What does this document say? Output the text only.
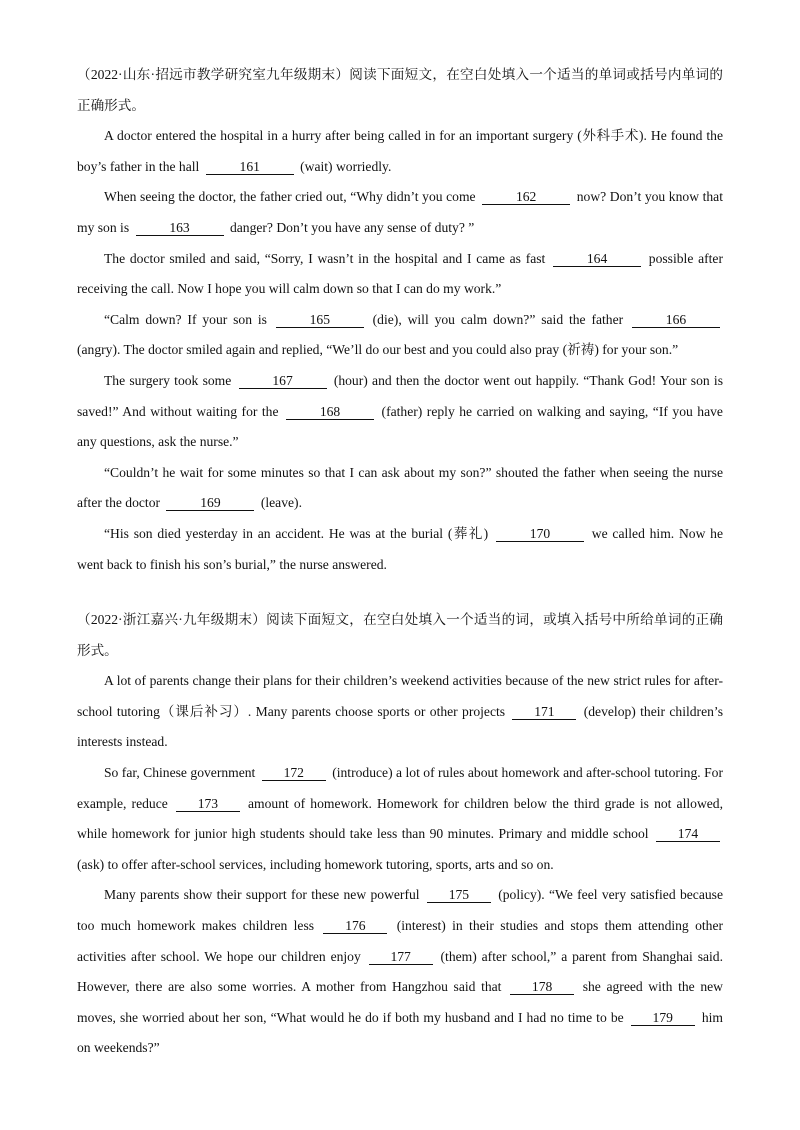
（2022·山东·招远市教学研究室九年级期末）阅读下面短文，在空白处填入一个适当的单词或括号内单词的正确形式。

A doctor entered the hospital in a hurry after being called in for an important surgery (外科手术). He found the boy’s father in the hall	161	(wait) worriedly.

When seeing the doctor, the father cried out, “Why didn’t you come	162	now? Don’t you know that my son is	163	danger? Don’t you have any sense of duty? ”

The doctor smiled and said, “Sorry, I wasn’t in the hospital and I came as fast	164	possible after receiving the call. Now I hope you will calm down so that I can do my work.”

“Calm down? If your son is	165	(die), will you calm down?” said the father	166 (angry). The doctor smiled again and replied, “We’ll do our best and you could also pray (祈祷) for your son.”

The surgery took some	167	(hour) and then the doctor went out happily. “Thank God! Your son is saved!” And without waiting for the	168	(father) reply he carried on walking and saying, “If you have any questions, ask the nurse.”

“Couldn’t he wait for some minutes so that I can ask about my son?” shouted the father when seeing the nurse after the doctor	169	(leave).

“His son died yesterday in an accident. He was at the burial (葬礼)	170	we called him. Now he went back to finish his son’s burial,” the nurse answered.

（2022·浙江嘉兴·九年级期末）阅读下面短文，在空白处填入一个适当的词，或填入括号中所给单词的正确形式。

A lot of parents change their plans for their children’s weekend activities because of the new strict rules for after-school tutoring（课后补习）. Many parents choose sports or other projects 171 (develop) their children’s interests instead.

So far, Chinese government 172 (introduce) a lot of rules about homework and after-school tutoring. For example, reduce 173 amount of homework. Homework for children below the third grade is not allowed, while homework for junior high students should take less than 90 minutes. Primary and middle school 174 (ask) to offer after-school services, including homework tutoring, sports, arts and so on.

Many parents show their support for these new powerful 175 (policy). “We feel very satisfied because too much homework makes children less 176 (interest) in their studies and stops them attending other activities after school. We hope our children enjoy 177 (them) after school,” a parent from Shanghai said. However, there are also some worries. A mother from Hangzhou said that 178 she agreed with the new moves, she worried about her son, “What would he do if both my husband and I had no time to be 179 him on weekends?”
